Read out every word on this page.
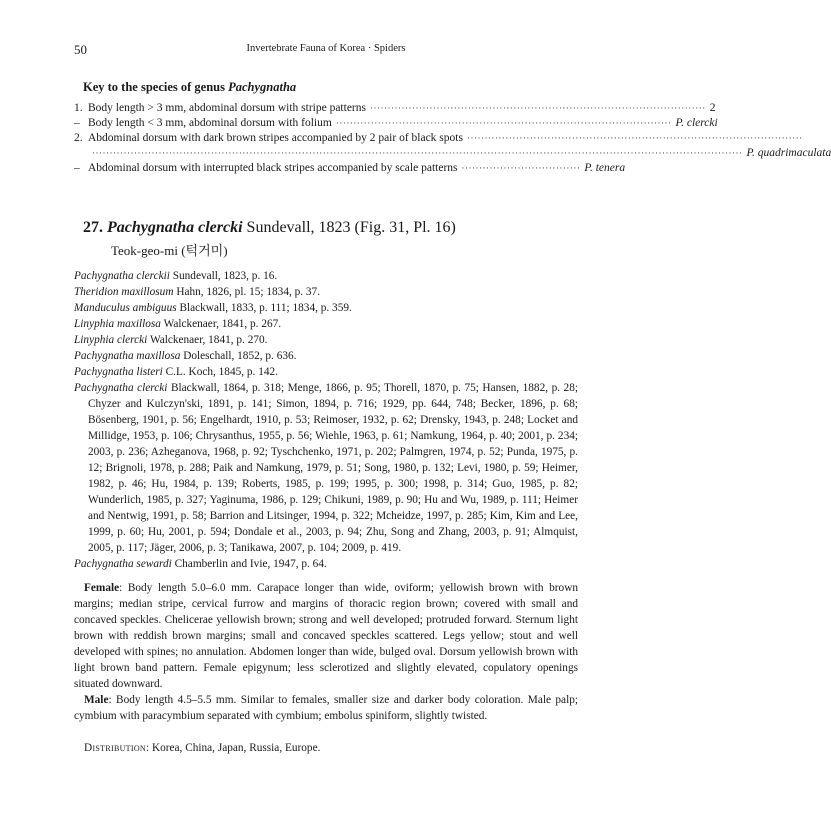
50	Invertebrate Fauna of Korea · Spiders
Key to the species of genus Pachygnatha
1. Body length > 3 mm, abdominal dorsum with stripe patterns ································································································ 2
– Body length < 3 mm, abdominal dorsum with folium ································································································ P. clercki
2. Abdominal dorsum with dark brown stripes accompanied by 2 pair of black spots ································································································
·························································································································································································· P. quadrimaculata
– Abdominal dorsum with interrupted black stripes accompanied by scale patterns ·································· P. tenera
27. Pachygnatha clercki Sundevall, 1823 (Fig. 31, Pl. 16)
Teok-geo-mi (턱거미)

Pachygnatha clerckii Sundevall, 1823, p. 16.

Theridion maxillosum Hahn, 1826, pl. 15; 1834, p. 37.

Manduculus ambiguus Blackwall, 1833, p. 111; 1834, p. 359.

Linyphia maxillosa Walckenaer, 1841, p. 267.

Linyphia clercki Walckenaer, 1841, p. 270.

Pachygnatha maxillosa Doleschall, 1852, p. 636.

Pachygnatha listeri C.L. Koch, 1845, p. 142.

Pachygnatha clercki Blackwall, 1864, p. 318; Menge, 1866, p. 95; Thorell, 1870, p. 75; Hansen, 1882, p. 28; Chyzer and Kulczyn'ski, 1891, p. 141; Simon, 1894, p. 716; 1929, pp. 644, 748; Becker, 1896, p. 68; Bösenberg, 1901, p. 56; Engelhardt, 1910, p. 53; Reimoser, 1932, p. 62; Drensky, 1943, p. 248; Locket and Millidge, 1953, p. 106; Chrysanthus, 1955, p. 56; Wiehle, 1963, p. 61; Namkung, 1964, p. 40; 2001, p. 234; 2003, p. 236; Azheganova, 1968, p. 92; Tyschchenko, 1971, p. 202; Palmgren, 1974, p. 52; Punda, 1975, p. 12; Brignoli, 1978, p. 288; Paik and Namkung, 1979, p. 51; Song, 1980, p. 132; Levi, 1980, p. 59; Heimer, 1982, p. 46; Hu, 1984, p. 139; Roberts, 1985, p. 199; 1995, p. 300; 1998, p. 314; Guo, 1985, p. 82; Wunderlich, 1985, p. 327; Yaginuma, 1986, p. 129; Chikuni, 1989, p. 90; Hu and Wu, 1989, p. 111; Heimer and Nentwig, 1991, p. 58; Barrion and Litsinger, 1994, p. 322; Mcheidze, 1997, p. 285; Kim, Kim and Lee, 1999, p. 60; Hu, 2001, p. 594; Dondale et al., 2003, p. 94; Zhu, Song and Zhang, 2003, p. 91; Almquist, 2005, p. 117; Jäger, 2006, p. 3; Tanikawa, 2007, p. 104; 2009, p. 419.

Pachygnatha sewardi Chamberlin and Ivie, 1947, p. 64.

Female: Body length 5.0–6.0 mm. Carapace longer than wide, oviform; yellowish brown with brown margins; median stripe, cervical furrow and margins of thoracic region brown; covered with small and concaved speckles. Chelicerae yellowish brown; strong and well developed; protruded forward. Sternum light brown with reddish brown margins; small and concaved speckles scattered. Legs yellow; stout and well developed with spines; no annulation. Abdomen longer than wide, bulged oval. Dorsum yellowish brown with light brown band pattern. Female epigynum; less sclerotized and slightly elevated, copulatory openings situated downward.

Male: Body length 4.5–5.5 mm. Similar to females, smaller size and darker body coloration. Male palp; cymbium with paracymbium separated with cymbium; embolus spiniform, slightly twisted.

Distribution: Korea, China, Japan, Russia, Europe.
